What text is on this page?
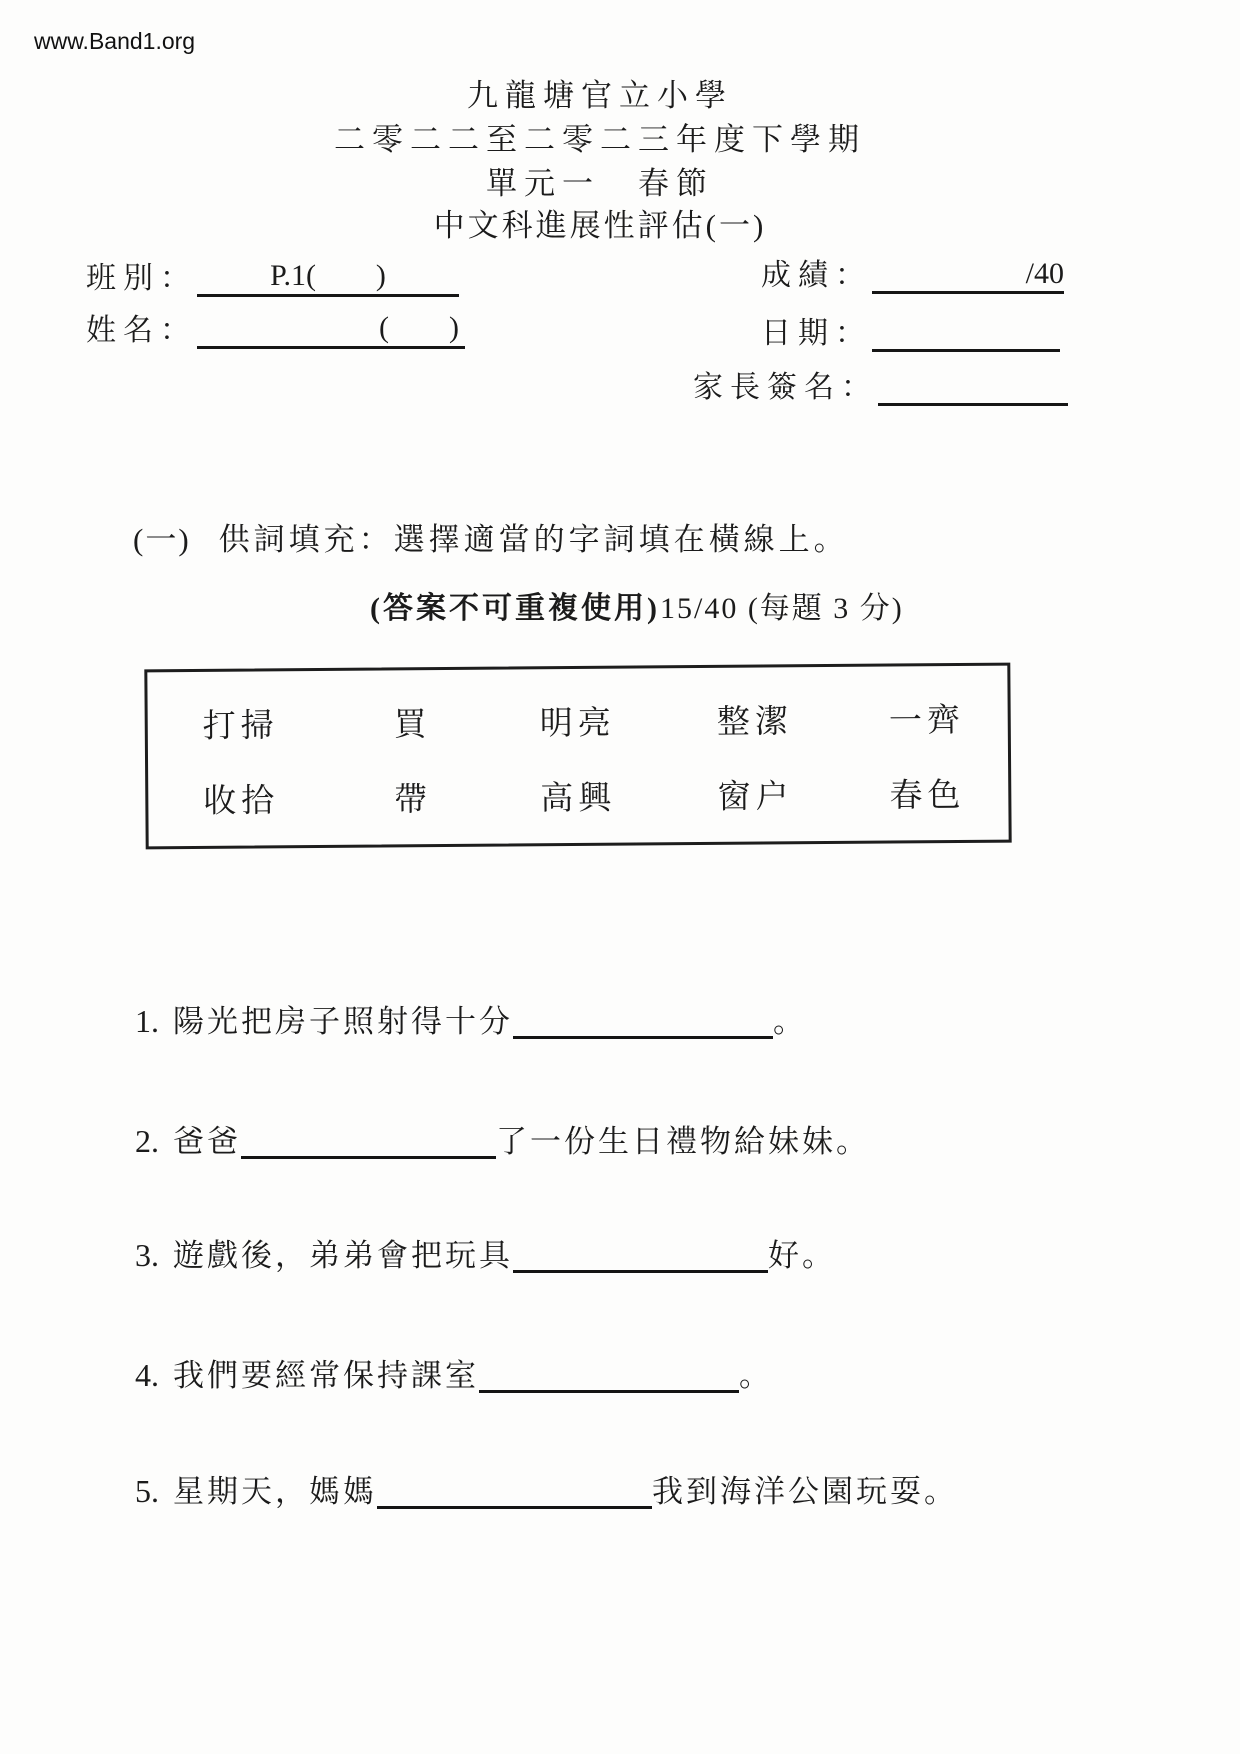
www.Band1.org
九龍塘官立小學
二零二二至二零二三年度下學期
單元一　春節
中文科進展性評估(一)
班別：	P.1(　　)
姓名：	(　　)
成績：	/40
日期：

家長簽名：

(一) 供詞填充：選擇適當的字詞填在橫線上。

(答案不可重複使用)15/40 (每題 3 分)

打掃	買	明亮	整潔	一齊
收拾	帶	高興	窗户	春色

1. 陽光把房子照射得十分	。

2. 爸爸	了一份生日禮物給妹妹。

3. 遊戲後，弟弟會把玩具	好。

4. 我們要經常保持課室	。

5. 星期天，媽媽	我到海洋公園玩耍。
